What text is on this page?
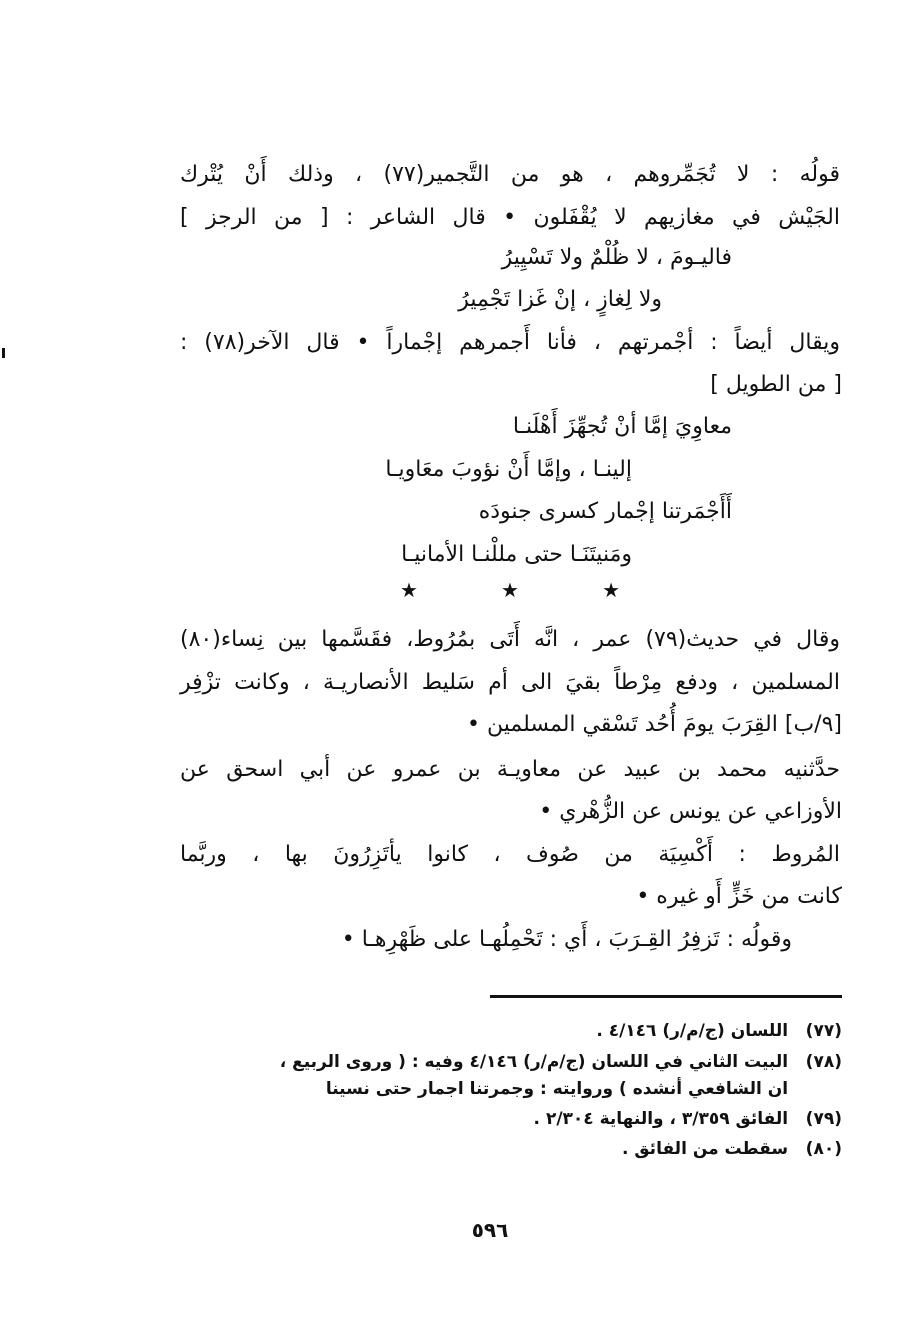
قولُه : لا تُجَمِّروهم ، هو من التَّجمير(٧٧) ، وذلك أَنْ يُتْرك
الجَيْش في مغازيهم لا يُقْفَلون • قال الشاعر : [ من الرجز ]
فاليـومَ ، لا ظُلْمٌ ولا تَسْيِيرُ
ولا لِغازٍ ، إنْ غَزا تَجْمِيرُ
ويقال أيضاً : أجْمرتهم ، فأنا أَجمرهم إجْماراً • قال الآخر(٧٨) :
[ من الطويل ]
معاوِيَ إمَّا أنْ تُجهِّزَ أَهْلَنـا
إلينـا ، وإمَّا أَنْ نؤوبَ معَاويـا
أَأَجْمَرتنا إجْمار كسرى جنودَه
ومَنيتَنَـا حتى مللْنـا الأمانيـا
★	★	★
وقال في حديث(٧٩) عمر ، انَّه أَتَى بمُرُوط، فقَسَّمها بين نِساء(٨٠)
المسلمين ، ودفع مِرْطاً بقيَ الى أم سَليط الأنصاريـة ، وكانت تزْفِر
[٩/ب] القِرَبَ يومَ أُحُد تَسْقي المسلمين •
حدَّثنيه محمد بن عبيد عن معاويـة بن عمرو عن أبي اسحق عن
الأوزاعي عن يونس عن الزُّهْري •
المُروط : أَكْسِيَة من صُوف ، كانوا يأتَزِرُونَ بها ، وربَّما
كانت من خَزٍّ أَو غيره •
وقولُه : تَزفِرُ القِـرَبَ ، أَي : تَحْمِلُهـا على ظَهْرِهـا •
(٧٧) اللسان (ج/م/ر) ٤/١٤٦ .
(٧٨) البيت الثاني في اللسان (ج/م/ر) ٤/١٤٦ وفيه : ( وروى الربيع ،
ان الشافعي أنشده ) وروايته : وجمرتنا اجمار حتى نسينا
(٧٩) الفائق ٣/٣٥٩ ، والنهاية ٢/٣٠٤ .
(٨٠) سقطت من الفائق .
٥٩٦
